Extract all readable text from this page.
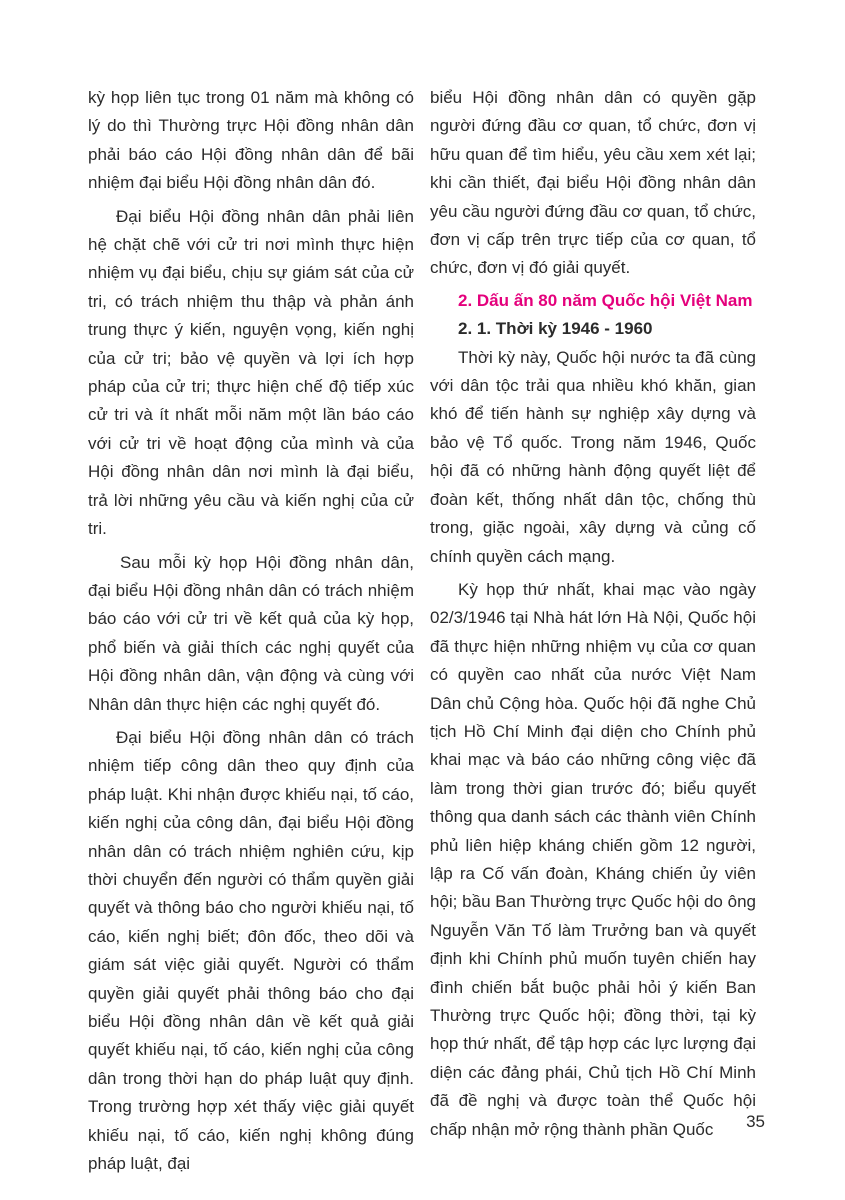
kỳ họp liên tục trong 01 năm mà không có lý do thì Thường trực Hội đồng nhân dân phải báo cáo Hội đồng nhân dân để bãi nhiệm đại biểu Hội đồng nhân dân đó.

Đại biểu Hội đồng nhân dân phải liên hệ chặt chẽ với cử tri nơi mình thực hiện nhiệm vụ đại biểu, chịu sự giám sát của cử tri, có trách nhiệm thu thập và phản ánh trung thực ý kiến, nguyện vọng, kiến nghị của cử tri; bảo vệ quyền và lợi ích hợp pháp của cử tri; thực hiện chế độ tiếp xúc cử tri và ít nhất mỗi năm một lần báo cáo với cử tri về hoạt động của mình và của Hội đồng nhân dân nơi mình là đại biểu, trả lời những yêu cầu và kiến nghị của cử tri.

Sau mỗi kỳ họp Hội đồng nhân dân, đại biểu Hội đồng nhân dân có trách nhiệm báo cáo với cử tri về kết quả của kỳ họp, phổ biến và giải thích các nghị quyết của Hội đồng nhân dân, vận động và cùng với Nhân dân thực hiện các nghị quyết đó.

Đại biểu Hội đồng nhân dân có trách nhiệm tiếp công dân theo quy định của pháp luật. Khi nhận được khiếu nại, tố cáo, kiến nghị của công dân, đại biểu Hội đồng nhân dân có trách nhiệm nghiên cứu, kịp thời chuyển đến người có thẩm quyền giải quyết và thông báo cho người khiếu nại, tố cáo, kiến nghị biết; đôn đốc, theo dõi và giám sát việc giải quyết. Người có thẩm quyền giải quyết phải thông báo cho đại biểu Hội đồng nhân dân về kết quả giải quyết khiếu nại, tố cáo, kiến nghị của công dân trong thời hạn do pháp luật quy định. Trong trường hợp xét thấy việc giải quyết khiếu nại, tố cáo, kiến nghị không đúng pháp luật, đại

biểu Hội đồng nhân dân có quyền gặp người đứng đầu cơ quan, tổ chức, đơn vị hữu quan để tìm hiểu, yêu cầu xem xét lại; khi cần thiết, đại biểu Hội đồng nhân dân yêu cầu người đứng đầu cơ quan, tổ chức, đơn vị cấp trên trực tiếp của cơ quan, tổ chức, đơn vị đó giải quyết.

2. Dấu ấn 80 năm Quốc hội Việt Nam
2. 1. Thời kỳ 1946 - 1960

Thời kỳ này, Quốc hội nước ta đã cùng với dân tộc trải qua nhiều khó khăn, gian khó để tiến hành sự nghiệp xây dựng và bảo vệ Tổ quốc. Trong năm 1946, Quốc hội đã có những hành động quyết liệt để đoàn kết, thống nhất dân tộc, chống thù trong, giặc ngoài, xây dựng và củng cố chính quyền cách mạng.

Kỳ họp thứ nhất, khai mạc vào ngày 02/3/1946 tại Nhà hát lớn Hà Nội, Quốc hội đã thực hiện những nhiệm vụ của cơ quan có quyền cao nhất của nước Việt Nam Dân chủ Cộng hòa. Quốc hội đã nghe Chủ tịch Hồ Chí Minh đại diện cho Chính phủ khai mạc và báo cáo những công việc đã làm trong thời gian trước đó; biểu quyết thông qua danh sách các thành viên Chính phủ liên hiệp kháng chiến gồm 12 người, lập ra Cố vấn đoàn, Kháng chiến ủy viên hội; bầu Ban Thường trực Quốc hội do ông Nguyễn Văn Tố làm Trưởng ban và quyết định khi Chính phủ muốn tuyên chiến hay đình chiến bắt buộc phải hỏi ý kiến Ban Thường trực Quốc hội; đồng thời, tại kỳ họp thứ nhất, để tập hợp các lực lượng đại diện các đảng phái, Chủ tịch Hồ Chí Minh đã đề nghị và được toàn thể Quốc hội chấp nhận mở rộng thành phần Quốc	35
